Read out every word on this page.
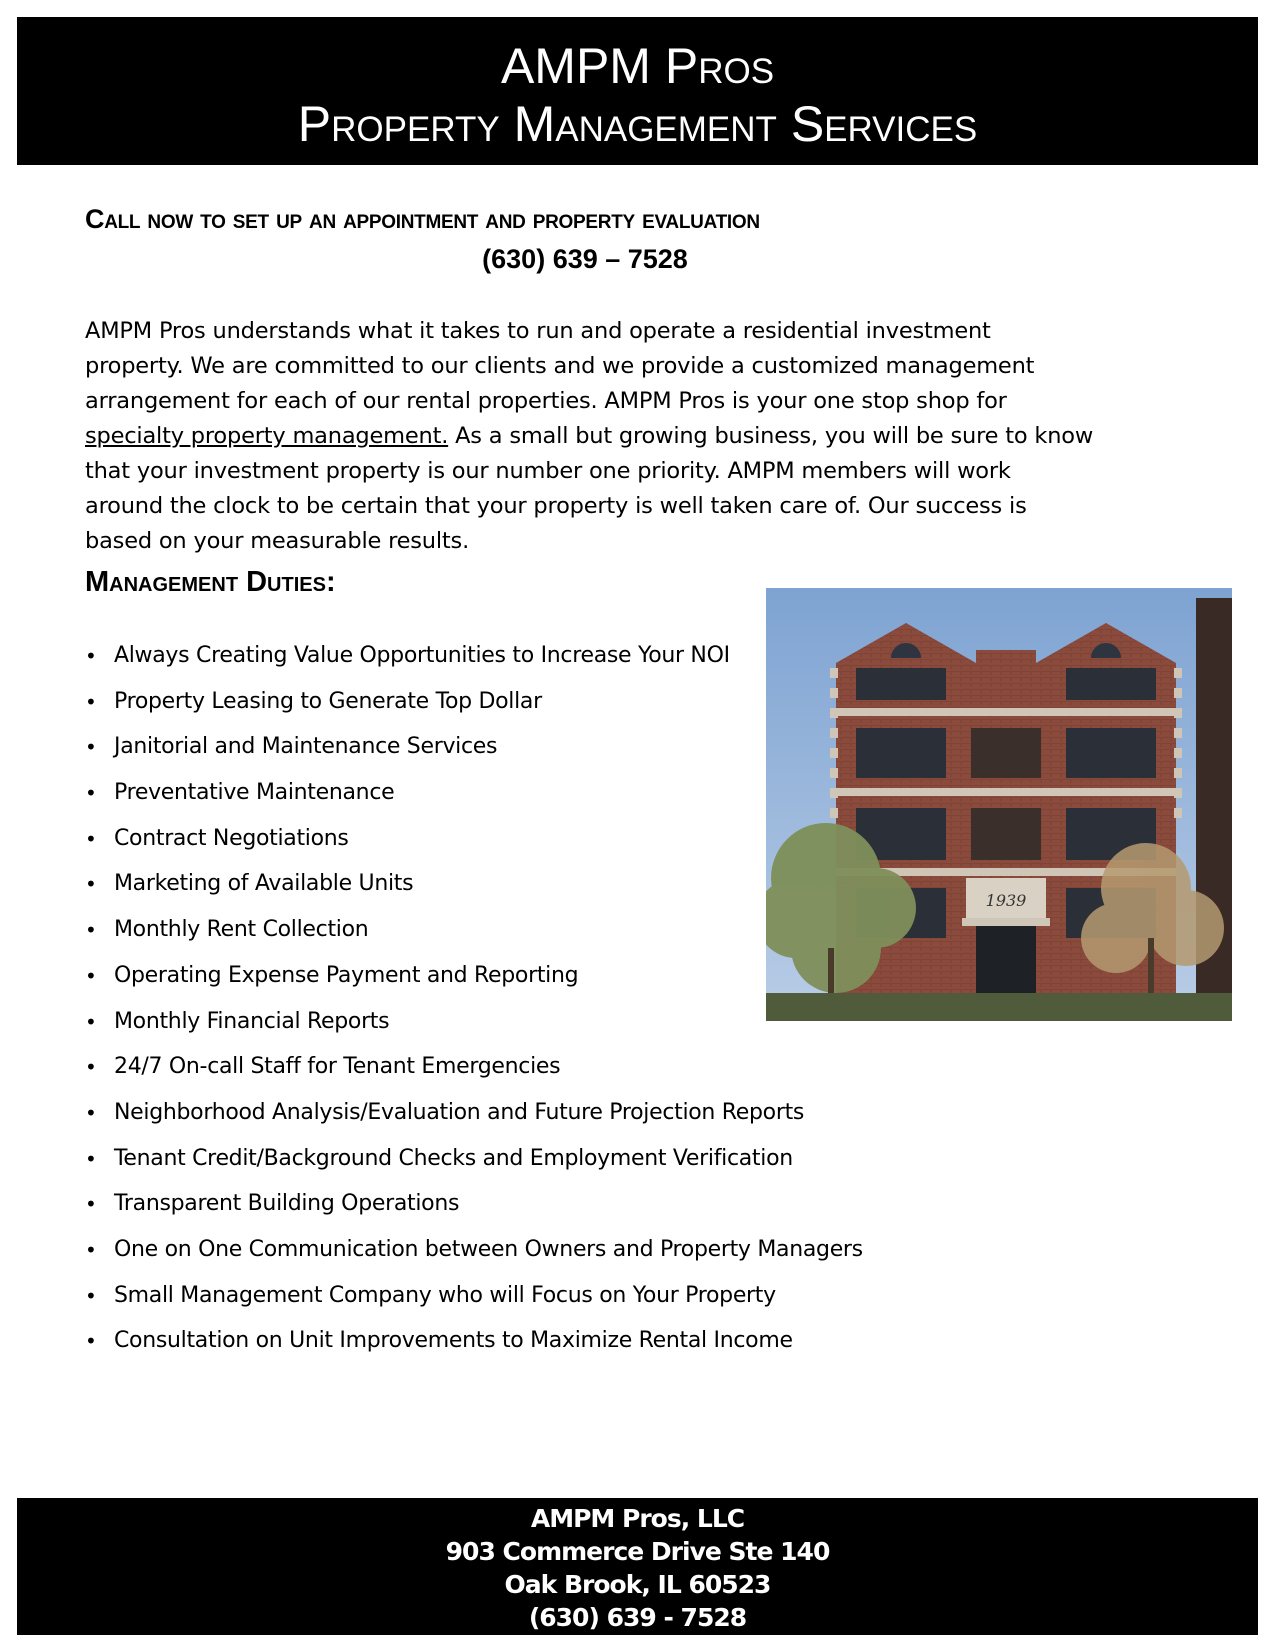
AMPM Pros
Property Management Services
Call now to set up an appointment and property evaluation
(630) 639 – 7528
AMPM Pros understands what it takes to run and operate a residential investment property. We are committed to our clients and we provide a customized management arrangement for each of our rental properties. AMPM Pros is your one stop shop for specialty property management. As a small but growing business, you will be sure to know that your investment property is our number one priority. AMPM members will work around the clock to be certain that your property is well taken care of. Our success is based on your measurable results.
Management Duties:
• Always Creating Value Opportunities to Increase Your NOI
• Property Leasing to Generate Top Dollar
• Janitorial and Maintenance Services
• Preventative Maintenance
• Contract Negotiations
• Marketing of Available Units
• Monthly Rent Collection
• Operating Expense Payment and Reporting
• Monthly Financial Reports
• 24/7 On-call Staff for Tenant Emergencies
• Neighborhood Analysis/Evaluation and Future Projection Reports
• Tenant Credit/Background Checks and Employment Verification
• Transparent Building Operations
• One on One Communication between Owners and Property Managers
• Small Management Company who will Focus on Your Property
• Consultation on Unit Improvements to Maximize Rental Income
1939
AMPM Pros, LLC
903 Commerce Drive Ste 140
Oak Brook, IL 60523
(630) 639 - 7528
